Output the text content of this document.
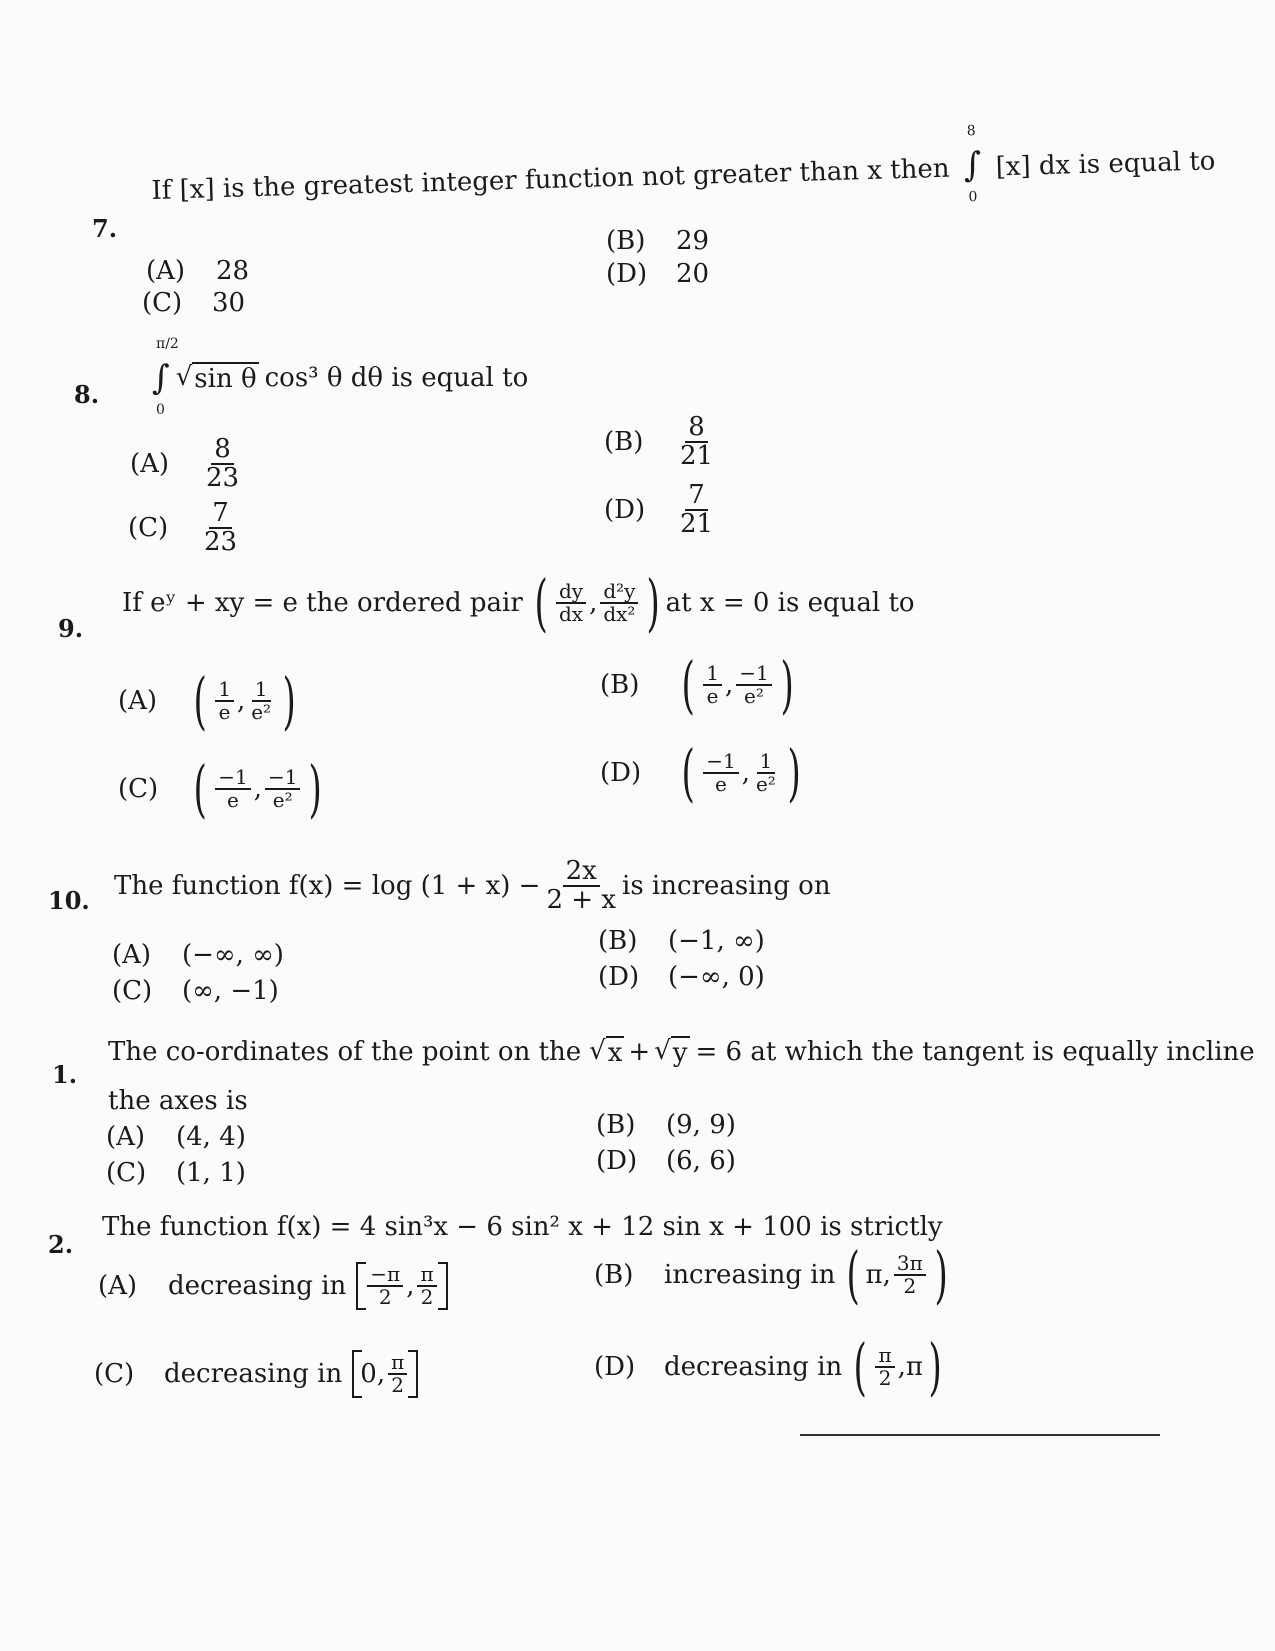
7.
If [x] is the greatest integer function not greater than x then ∫
8
0
[x] dx is equal to
(A)	28
(B)	29
(C)	30
(D)	20
8. ∫
π/2
0
√ sin θ cos³ θ dθ is equal to
(A)	$\frac{8}{23}$	(B)	$\frac{8}{21}$
(C)	$\frac{7}{23}$	(D)	$\frac{7}{21}$
9.
If eʸ + xy = e the ordered pair ( $\frac{dy}{dx}$ , $\frac{\text{d²y}}{\text{dx²}}$ ) at x = 0 is equal to
(A) ( $\frac{1}{e}$ , $\frac{1}{\text{e²}}$ )	(B) ( $\frac{1}{e}$ , $\frac{-1}{\text{e²}}$ )
(C) ( $\frac{-1}{e}$ , $\frac{-1}{\text{e²}}$ )	(D) ( $\frac{-1}{e}$ , $\frac{1}{\text{e²}}$ )
10. The function $f(x) = \log (1 + x) - \frac{2x}{2 + x}$ is increasing on
(A)	(−∞, ∞)	(B)	(−1, ∞)
(C)	(∞, −1)	(D)	(−∞, 0)
1.
The co-ordinates of the point on the √ x + √ y = 6 at which the tangent is equally incline
the axes is
(A)	(4, 4)	(B)	(9, 9)
(C)	(1, 1)	(D)	(6, 6)
2.
The function f(x) = 4 sin³x − 6 sin² x + 12 sin x + 100 is strictly
(A)	decreasing in $\frac{-\pi}{2}$ , $\frac{\pi}{2}$	(B)	increasing in ( π, $\frac{3\pi}{2}$ )
(C)	decreasing in 0, $\frac{\pi}{2}$	(D)	decreasing in ( $\frac{\pi}{2} ,\pi$ )
